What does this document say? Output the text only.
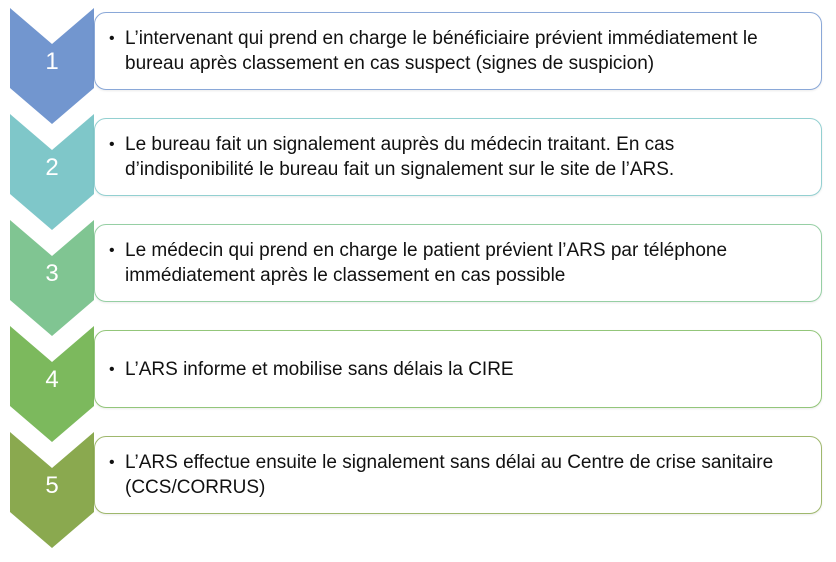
1
• L’intervenant qui prend en charge le bénéficiaire prévient immédiatement le bureau après classement en cas suspect (signes de suspicion)
2
• Le bureau fait un signalement auprès du médecin traitant. En cas d’indisponibilité le bureau fait un signalement sur le site de l’ARS.
3
• Le médecin qui prend en charge le patient prévient l’ARS par téléphone immédiatement après le classement en cas possible
4	• L’ARS informe et mobilise sans délais la CIRE
5
• L’ARS effectue ensuite le signalement sans délai au Centre de crise sanitaire (CCS/CORRUS)
